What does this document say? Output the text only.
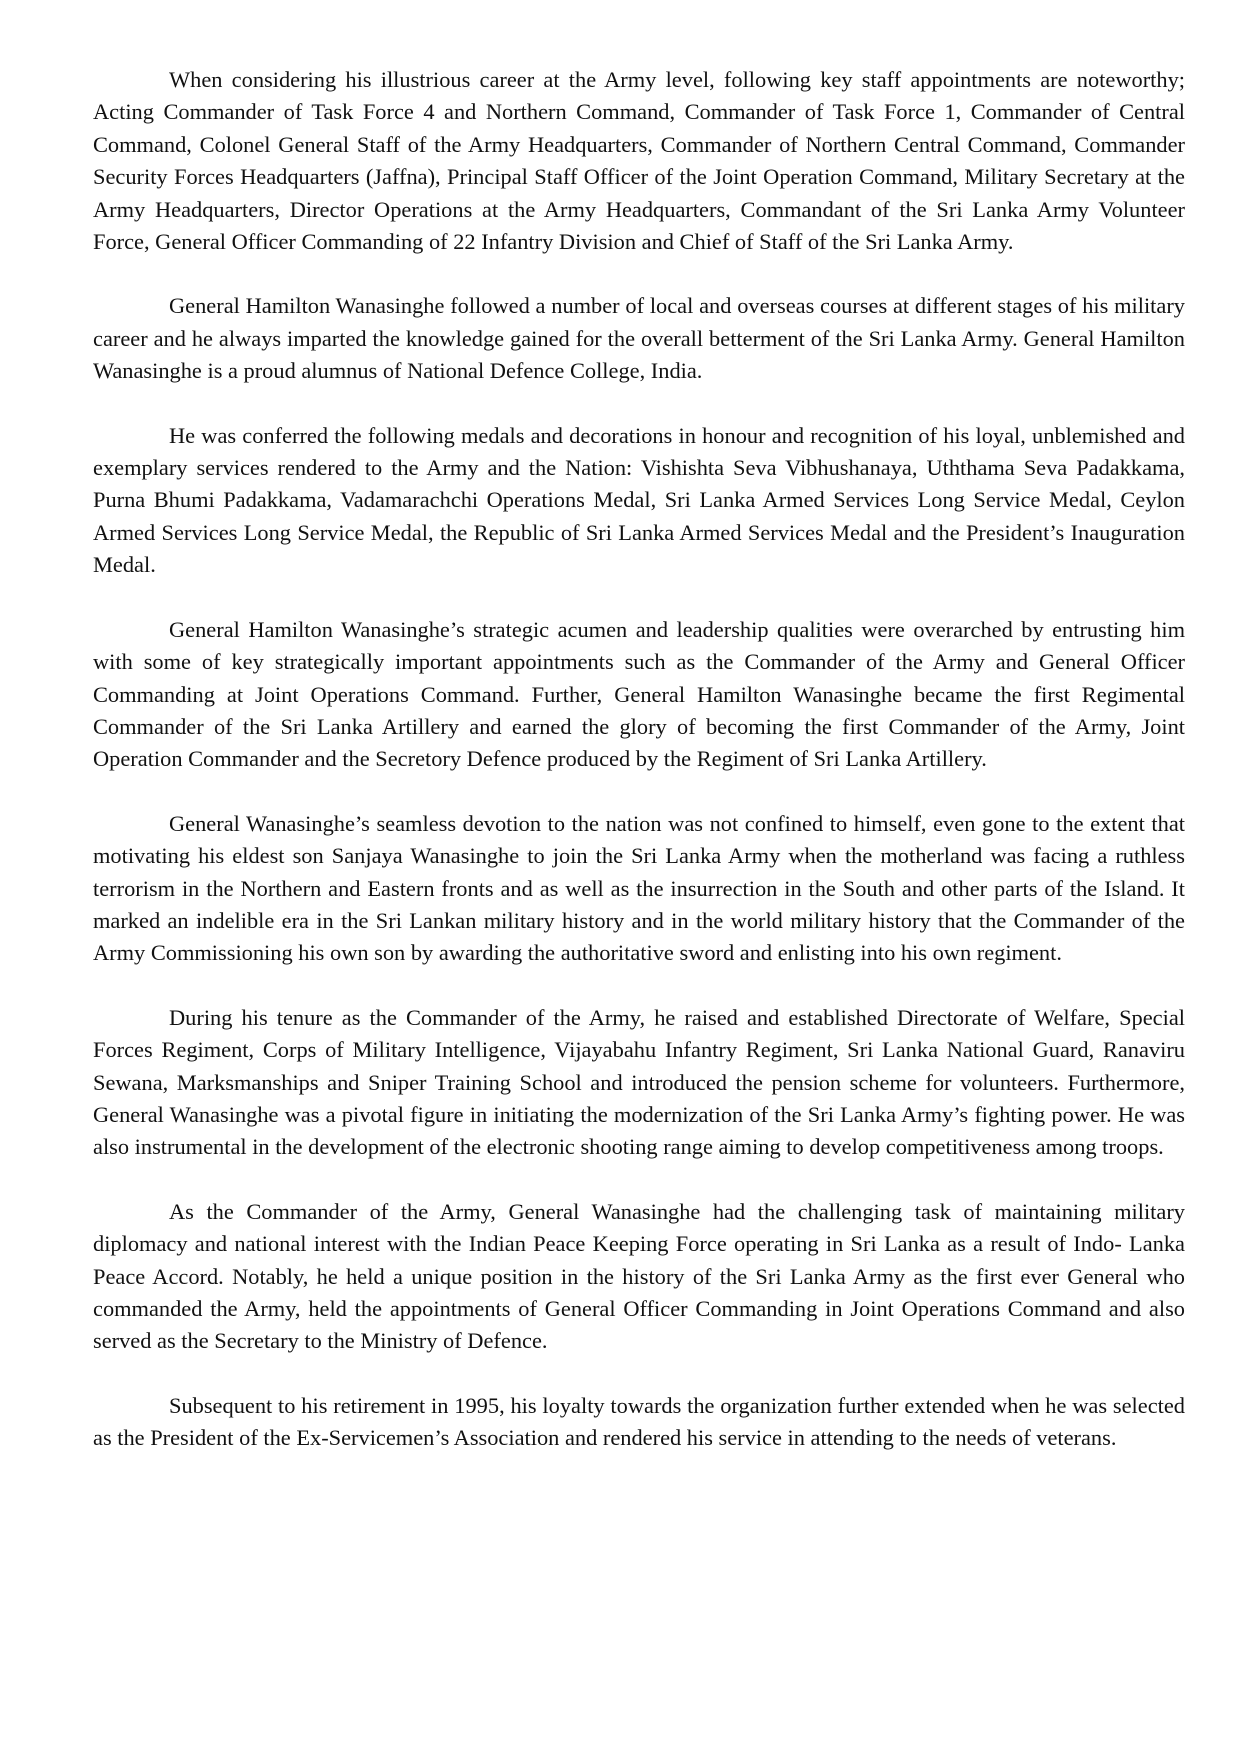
When considering his illustrious career at the Army level, following key staff appointments are noteworthy; Acting Commander of Task Force 4 and Northern Command, Commander of Task Force 1, Commander of Central Command, Colonel General Staff of the Army Headquarters, Commander of Northern Central Command, Commander Security Forces Headquarters (Jaffna), Principal Staff Officer of the Joint Operation Command, Military Secretary at the Army Headquarters, Director Operations at the Army Headquarters, Commandant of the Sri Lanka Army Volunteer Force, General Officer Commanding of 22 Infantry Division and Chief of Staff of the Sri Lanka Army.

General Hamilton Wanasinghe followed a number of local and overseas courses at different stages of his military career and he always imparted the knowledge gained for the overall betterment of the Sri Lanka Army. General Hamilton Wanasinghe is a proud alumnus of National Defence College, India.

He was conferred the following medals and decorations in honour and recognition of his loyal, unblemished and exemplary services rendered to the Army and the Nation: Vishishta Seva Vibhushanaya, Uththama Seva Padakkama, Purna Bhumi Padakkama, Vadamarachchi Operations Medal, Sri Lanka Armed Services Long Service Medal, Ceylon Armed Services Long Service Medal, the Republic of Sri Lanka Armed Services Medal and the President’s Inauguration Medal.

General Hamilton Wanasinghe’s strategic acumen and leadership qualities were overarched by entrusting him with some of key strategically important appointments such as the Commander of the Army and General Officer Commanding at Joint Operations Command. Further, General Hamilton Wanasinghe became the first Regimental Commander of the Sri Lanka Artillery and earned the glory of becoming the first Commander of the Army, Joint Operation Commander and the Secretory Defence produced by the Regiment of Sri Lanka Artillery.

General Wanasinghe’s seamless devotion to the nation was not confined to himself, even gone to the extent that motivating his eldest son Sanjaya Wanasinghe to join the Sri Lanka Army when the motherland was facing a ruthless terrorism in the Northern and Eastern fronts and as well as the insurrection in the South and other parts of the Island. It marked an indelible era in the Sri Lankan military history and in the world military history that the Commander of the Army Commissioning his own son by awarding the authoritative sword and enlisting into his own regiment.

During his tenure as the Commander of the Army, he raised and established Directorate of Welfare, Special Forces Regiment, Corps of Military Intelligence, Vijayabahu Infantry Regiment, Sri Lanka National Guard, Ranaviru Sewana, Marksmanships and Sniper Training School and introduced the pension scheme for volunteers. Furthermore, General Wanasinghe was a pivotal figure in initiating the modernization of the Sri Lanka Army’s fighting power. He was also instrumental in the development of the electronic shooting range aiming to develop competitiveness among troops.

As the Commander of the Army, General Wanasinghe had the challenging task of maintaining military diplomacy and national interest with the Indian Peace Keeping Force operating in Sri Lanka as a result of Indo- Lanka Peace Accord. Notably, he held a unique position in the history of the Sri Lanka Army as the first ever General who commanded the Army, held the appointments of General Officer Commanding in Joint Operations Command and also served as the Secretary to the Ministry of Defence.

Subsequent to his retirement in 1995, his loyalty towards the organization further extended when he was selected as the President of the Ex-Servicemen’s Association and rendered his service in attending to the needs of veterans.
